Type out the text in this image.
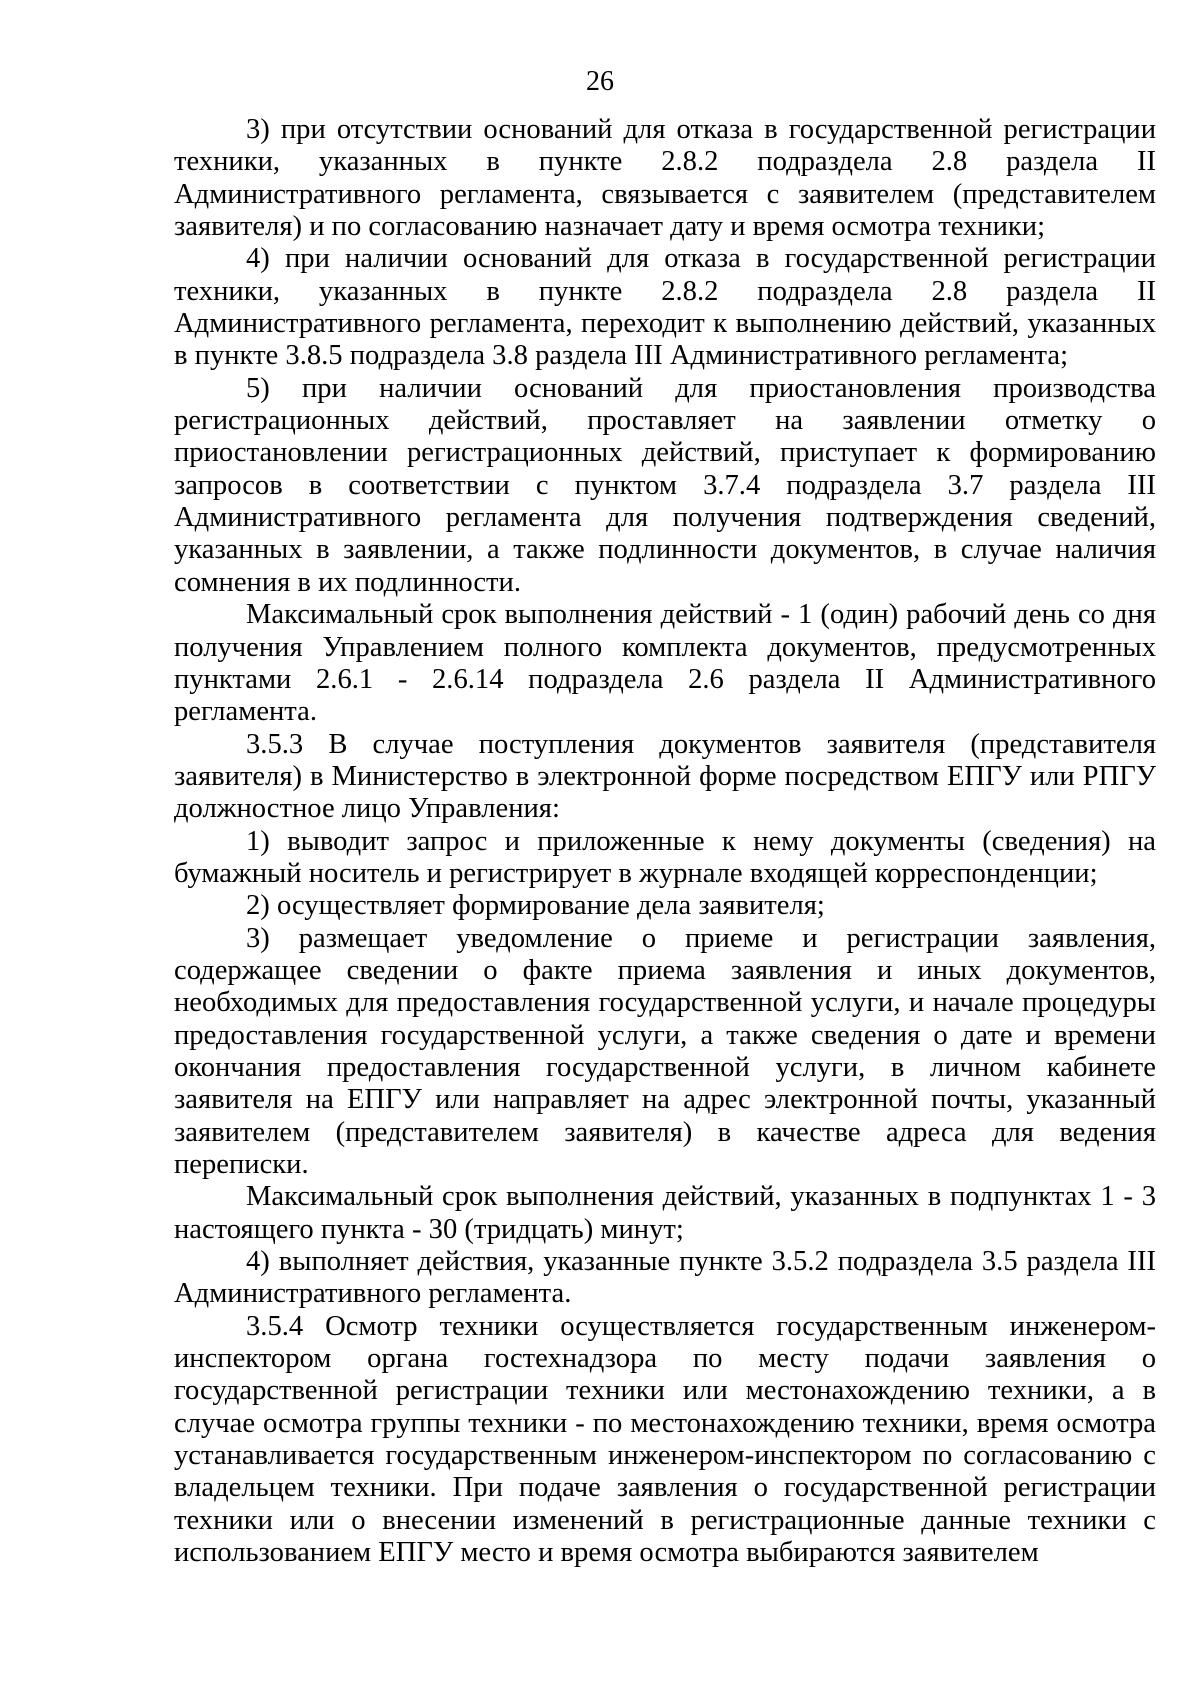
26

3) при отсутствии оснований для отказа в государственной регистрации техники, указанных в пункте 2.8.2 подраздела 2.8 раздела II Административного регламента, связывается с заявителем (представителем заявителя) и по согласованию назначает дату и время осмотра техники;

4) при наличии оснований для отказа в государственной регистрации техники, указанных в пункте 2.8.2 подраздела 2.8 раздела II Административного регламента, переходит к выполнению действий, указанных в пункте 3.8.5 подраздела 3.8 раздела III Административного регламента;

5) при наличии оснований для приостановления производства регистрационных действий, проставляет на заявлении отметку о приостановлении регистрационных действий, приступает к формированию запросов в соответствии с пунктом 3.7.4 подраздела 3.7 раздела III Административного регламента для получения подтверждения сведений, указанных в заявлении, а также подлинности документов, в случае наличия сомнения в их подлинности.

Максимальный срок выполнения действий - 1 (один) рабочий день со дня получения Управлением полного комплекта документов, предусмотренных пунктами 2.6.1 - 2.6.14 подраздела 2.6 раздела II Административного регламента.

3.5.3 В случае поступления документов заявителя (представителя заявителя) в Министерство в электронной форме посредством ЕПГУ или РПГУ должностное лицо Управления:

1) выводит запрос и приложенные к нему документы (сведения) на бумажный носитель и регистрирует в журнале входящей корреспонденции;

2) осуществляет формирование дела заявителя;

3) размещает уведомление о приеме и регистрации заявления, содержащее сведении о факте приема заявления и иных документов, необходимых для предоставления государственной услуги, и начале процедуры предоставления государственной услуги, а также сведения о дате и времени окончания предоставления государственной услуги, в личном кабинете заявителя на ЕПГУ или направляет на адрес электронной почты, указанный заявителем (представителем заявителя) в качестве адреса для ведения переписки.

Максимальный срок выполнения действий, указанных в подпунктах 1 - 3 настоящего пункта - 30 (тридцать) минут;

4) выполняет действия, указанные пункте 3.5.2 подраздела 3.5 раздела III Административного регламента.

3.5.4 Осмотр техники осуществляется государственным инженером-инспектором органа гостехнадзора по месту подачи заявления о государственной регистрации техники или местонахождению техники, а в случае осмотра группы техники - по местонахождению техники, время осмотра устанавливается государственным инженером-инспектором по согласованию с владельцем техники. При подаче заявления о государственной регистрации техники или о внесении изменений в регистрационные данные техники с использованием ЕПГУ место и время осмотра выбираются заявителем
